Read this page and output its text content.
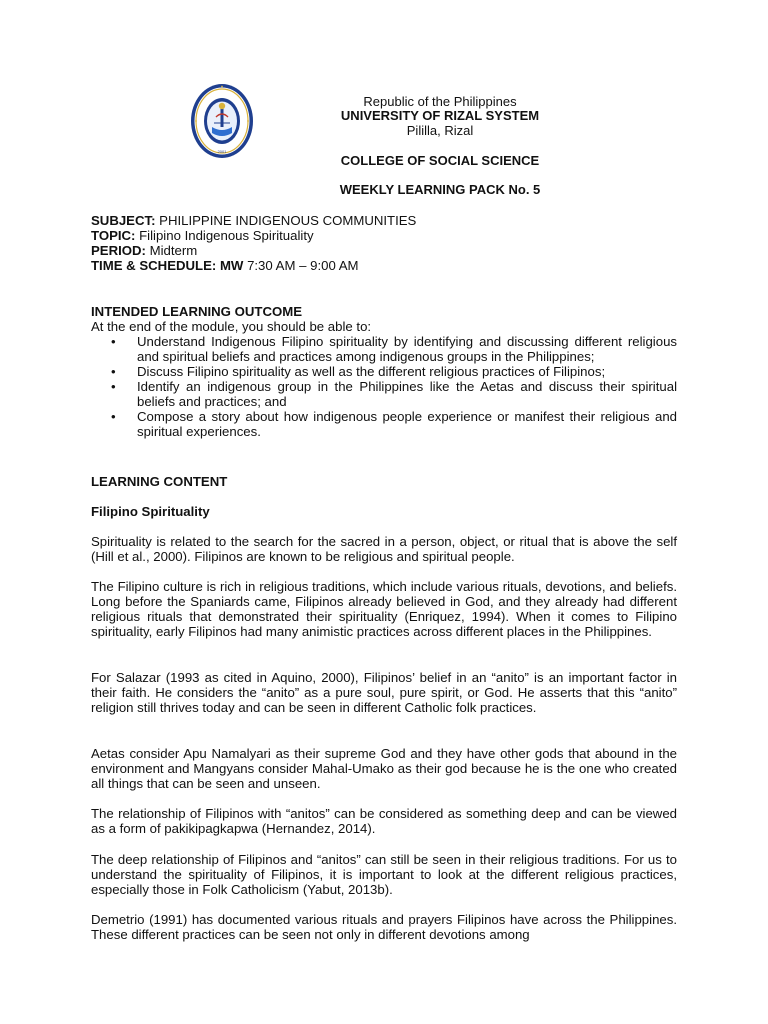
2001
Republic of the Philippines
UNIVERSITY OF RIZAL SYSTEM
Pililla, Rizal
COLLEGE OF SOCIAL SCIENCE
WEEKLY LEARNING PACK No. 5
SUBJECT: PHILIPPINE INDIGENOUS COMMUNITIES
TOPIC: Filipino Indigenous Spirituality
PERIOD: Midterm
TIME & SCHEDULE: MW 7:30 AM – 9:00 AM
INTENDED LEARNING OUTCOME
At the end of the module, you should be able to:
• Understand Indigenous Filipino spirituality by identifying and discussing different religious and spiritual beliefs and practices among indigenous groups in the Philippines;
• Discuss Filipino spirituality as well as the different religious practices of Filipinos;
• Identify an indigenous group in the Philippines like the Aetas and discuss their spiritual beliefs and practices; and
• Compose a story about how indigenous people experience or manifest their religious and spiritual experiences.
LEARNING CONTENT
Filipino Spirituality
Spirituality is related to the search for the sacred in a person, object, or ritual that is above the self (Hill et al., 2000). Filipinos are known to be religious and spiritual people.
The Filipino culture is rich in religious traditions, which include various rituals, devotions, and beliefs. Long before the Spaniards came, Filipinos already believed in God, and they already had different religious rituals that demonstrated their spirituality (Enriquez, 1994). When it comes to Filipino spirituality, early Filipinos had many animistic practices across different places in the Philippines.
For Salazar (1993 as cited in Aquino, 2000), Filipinos’ belief in an “anito” is an important factor in their faith. He considers the “anito” as a pure soul, pure spirit, or God. He asserts that this “anito” religion still thrives today and can be seen in different Catholic folk practices.
Aetas consider Apu Namalyari as their supreme God and they have other gods that abound in the environment and Mangyans consider Mahal-Umako as their god because he is the one who created all things that can be seen and unseen.
The relationship of Filipinos with “anitos” can be considered as something deep and can be viewed as a form of pakikipagkapwa (Hernandez, 2014).
The deep relationship of Filipinos and “anitos” can still be seen in their religious traditions. For us to understand the spirituality of Filipinos, it is important to look at the different religious practices, especially those in Folk Catholicism (Yabut, 2013b).
Demetrio (1991) has documented various rituals and prayers Filipinos have across the Philippines. These different practices can be seen not only in different devotions among
